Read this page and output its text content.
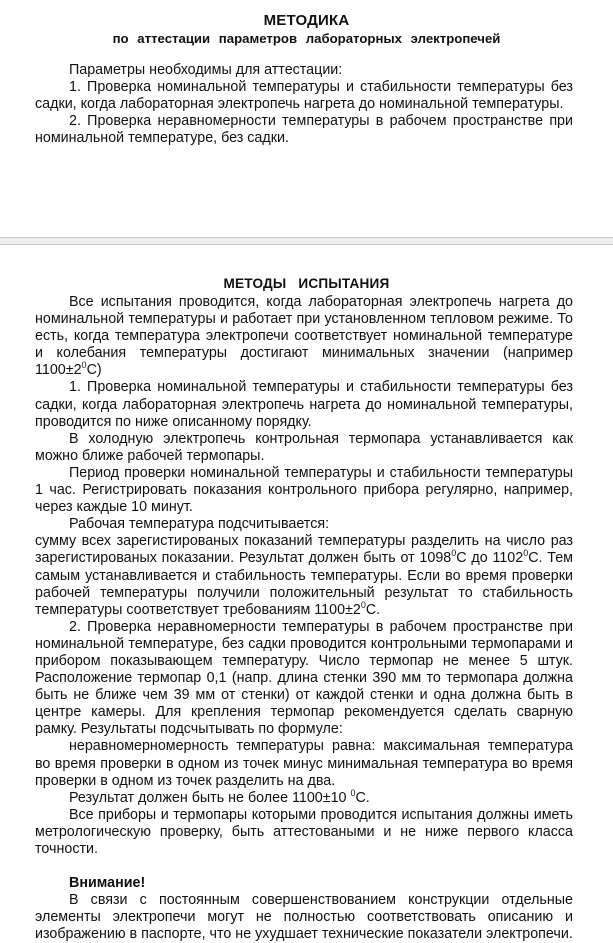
МЕТОДИКА
по аттестации параметров лабораторных электропечей

Параметры необходимы для аттестации:

1. Проверка номинальной температуры и стабильности температуры без садки, когда лабораторная электропечь нагрета до номинальной температуры.

2. Проверка неравномерности температуры в рабочем пространстве при номинальной температуре, без садки.

МЕТОДЫ ИСПЫТАНИЯ

Все испытания проводится, когда лабораторная электропечь нагрета до номинальной температуры и работает при установленном тепловом режиме. То есть, когда температура электропечи соответствует номинальной температуре и колебания температуры достигают минимальных значении (например $1100\pm 2^0С$)

1. Проверка номинальной температуры и стабильности температуры без садки, когда лабораторная электропечь нагрета до номинальной температуры, проводится по ниже описанному порядку.

В холодную электропечь контрольная термопара устанавливается как можно ближе рабочей термопары.

Период проверки номинальной температуры и стабильности температуры 1 час. Регистрировать показания контрольного прибора регулярно, например, через каждые 10 минут.

Рабочая температура подсчитывается:

сумму всех зарегистированых показаний температуры разделить на число раз зарегистированых показании. Результат должен быть от 1098$^0$С до 1102$^0$С. Тем самым устанавливается и стабильность температуры. Если во время проверки рабочей температуры получили положительный результат то стабильность температуры соответствует требованиям $1100\pm 2^0С$.

2. Проверка неравномерности температуры в рабочем пространстве при номинальной температуре, без садки проводится контрольными термопарами и прибором показывающем температуру. Число термопар не менее 5 штук. Расположение термопар 0,1 (напр. длина стенки 390 мм то термопара должна быть не ближе чем 39 мм от стенки) от каждой стенки и одна должна быть в центре камеры. Для крепления термопар рекомендуется сделать сварную рамку. Результаты подсчытывать по формуле:

неравномерномерность температуры равна: максимальная температура во время проверки в одном из точек минус минимальная температура во время проверки в одном из точек разделить на два.

Результат должен быть не более 1100±10 $^0$С.

Все приборы и термопары которыми проводится испытания должны иметь метрологическую проверку, быть аттестоваными и не ниже первого класса точности.

Внимание!

В связи с постоянным совершенствованием конструкции отдельные элементы электропечи могут не полностью соответствовать описанию и изображению в паспорте, что не ухудшает технические показатели электропечи.
